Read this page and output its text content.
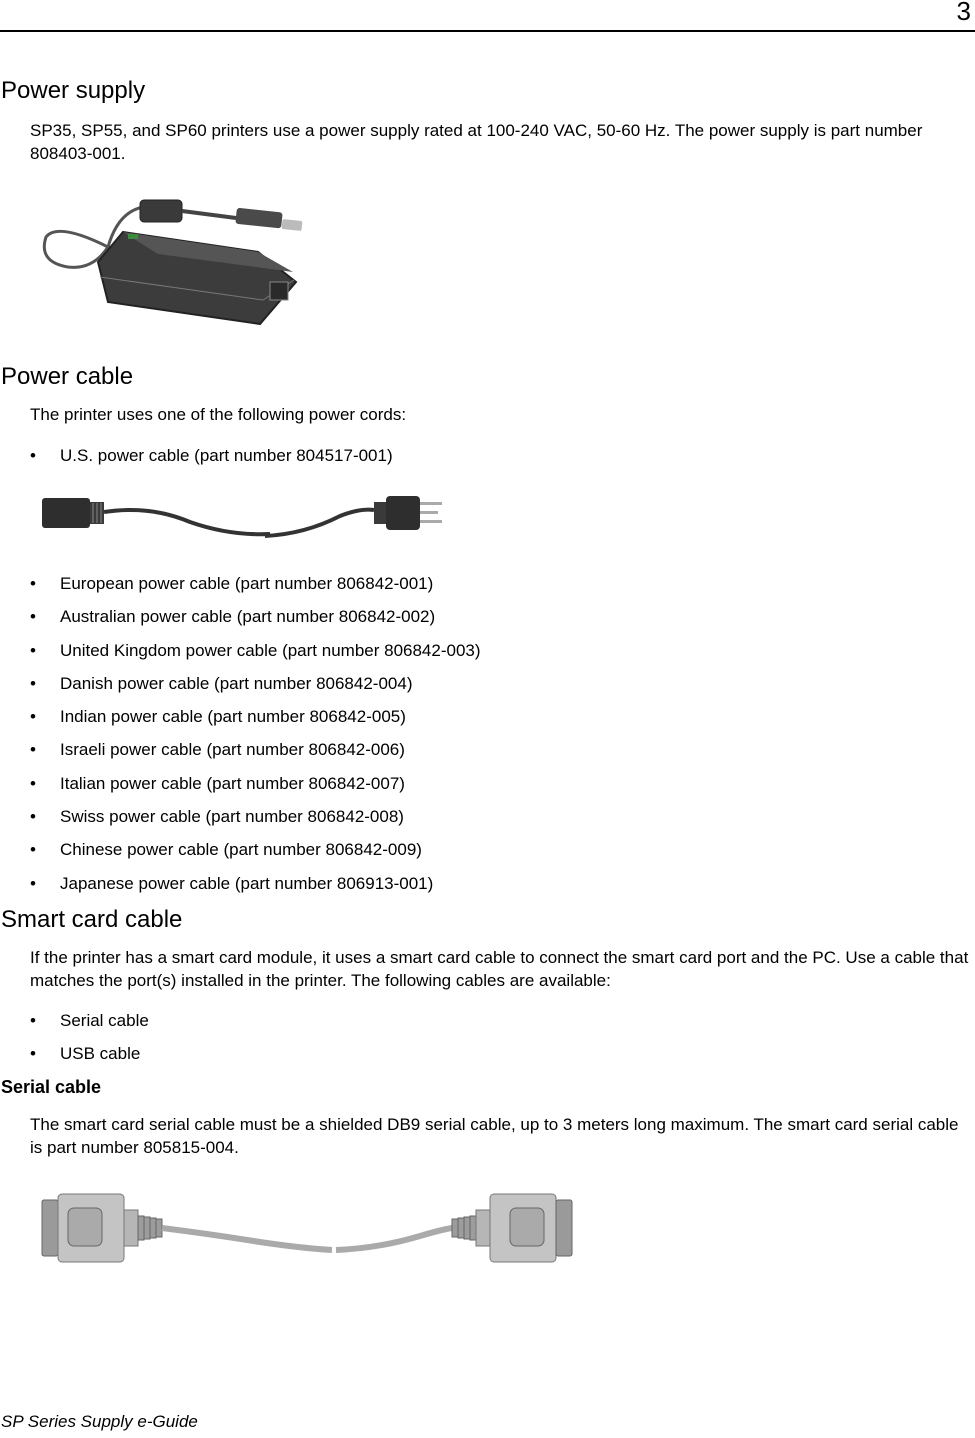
3
Power supply

SP35, SP55, and SP60 printers use a power supply rated at 100-240 VAC, 50-60 Hz. The power supply is part number 808403-001.

Power cable

The printer uses one of the following power cords:

• U.S. power cable (part number 804517-001)
• European power cable (part number 806842-001)
• Australian power cable (part number 806842-002)
• United Kingdom power cable (part number 806842-003)
• Danish power cable (part number 806842-004)
• Indian power cable (part number 806842-005)
• Israeli power cable (part number 806842-006)
• Italian power cable (part number 806842-007)
• Swiss power cable (part number 806842-008)
• Chinese power cable (part number 806842-009)
• Japanese power cable (part number 806913-001)
Smart card cable

If the printer has a smart card module, it uses a smart card cable to connect the smart card port and the PC. Use a cable that matches the port(s) installed in the printer. The following cables are available:

• Serial cable
• USB cable
Serial cable

The smart card serial cable must be a shielded DB9 serial cable, up to 3 meters long maximum. The smart card serial cable is part number 805815-004.

SP Series Supply e-Guide
